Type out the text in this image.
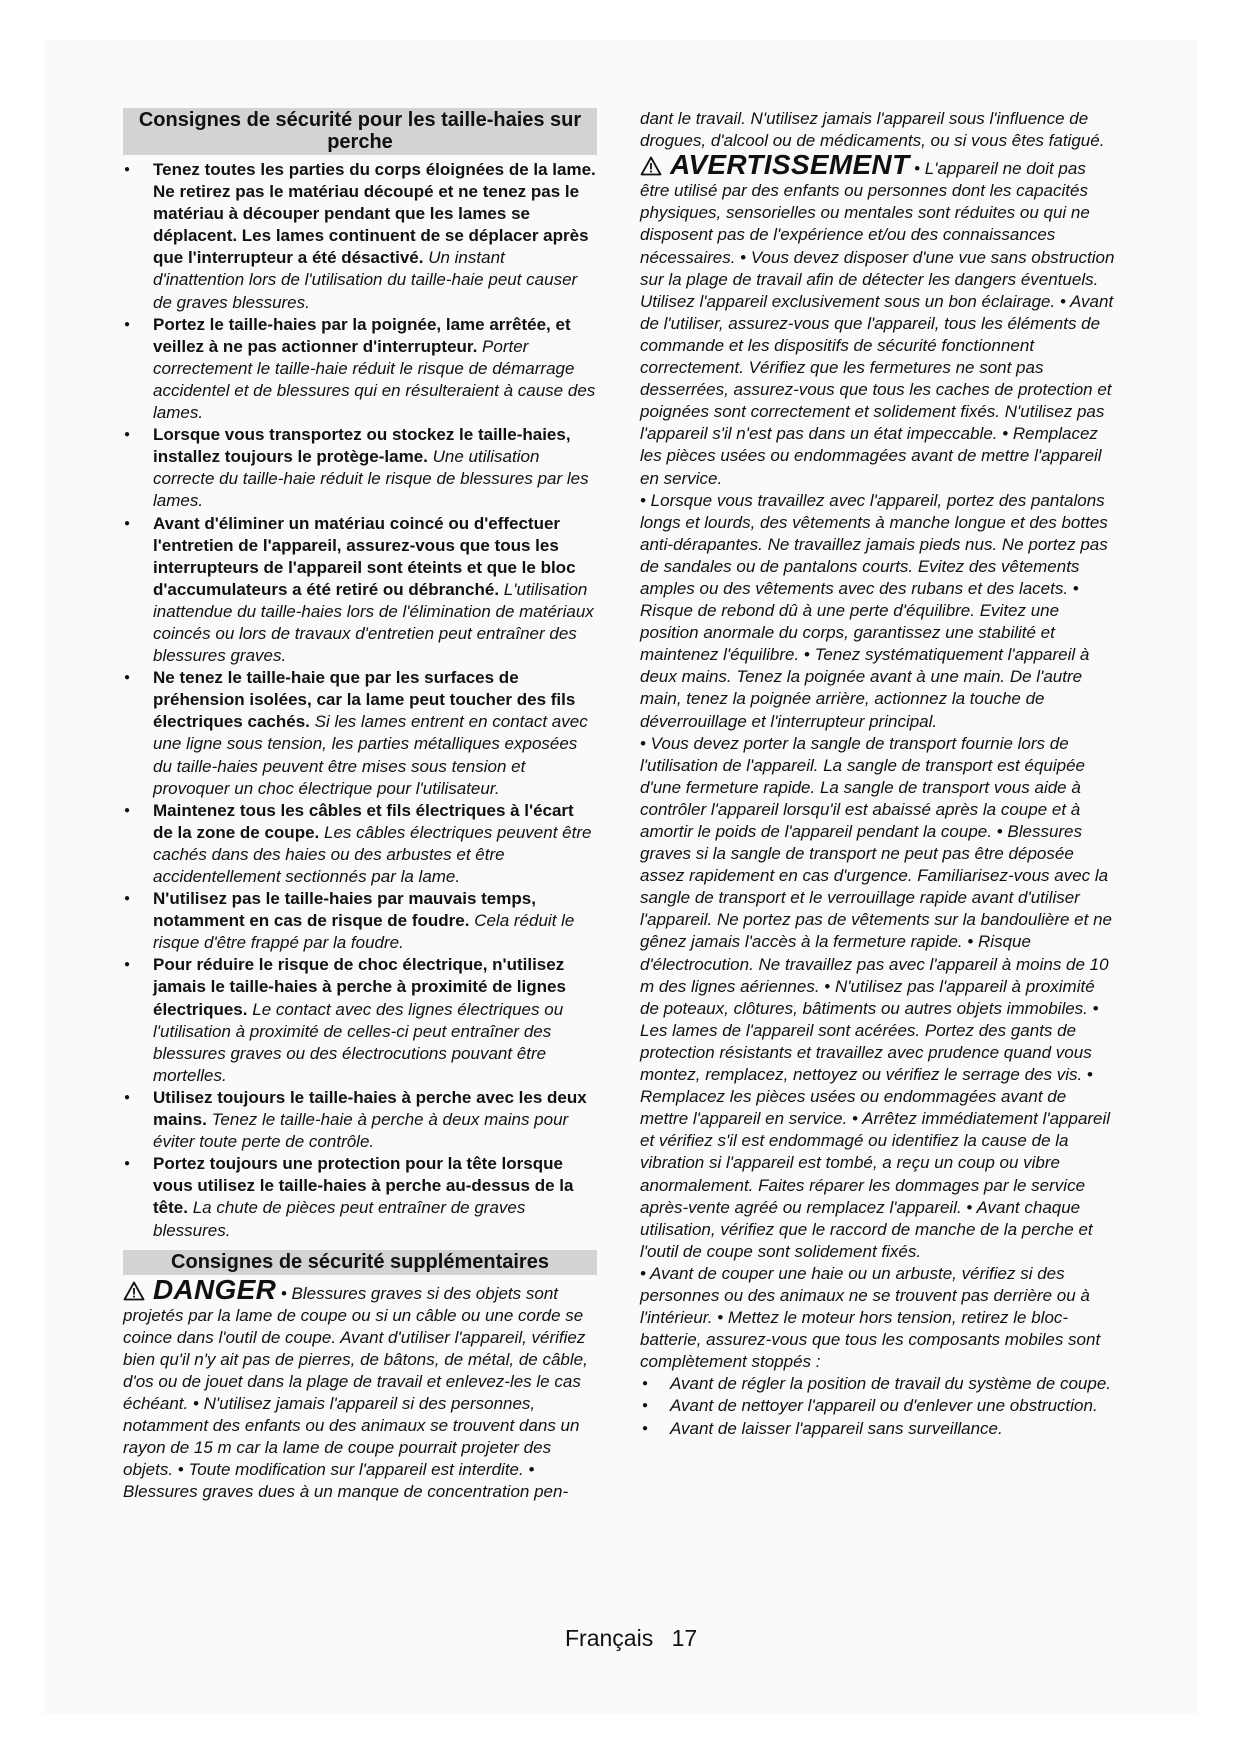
Consignes de sécurité pour les taille-haies sur perche
● Tenez toutes les parties du corps éloignées de la lame. Ne retirez pas le matériau découpé et ne tenez pas le matériau à découper pendant que les lames se déplacent. Les lames continuent de se déplacer après que l'interrupteur a été désactivé. Un instant d'inattention lors de l'utilisation du taille-haie peut causer de graves blessures.
● Portez le taille-haies par la poignée, lame arrêtée, et veillez à ne pas actionner d'interrupteur. Porter correctement le taille-haie réduit le risque de démarrage accidentel et de blessures qui en résulteraient à cause des lames.
● Lorsque vous transportez ou stockez le taille-haies, installez toujours le protège-lame. Une utilisation correcte du taille-haie réduit le risque de blessures par les lames.
● Avant d'éliminer un matériau coincé ou d'effectuer l'entretien de l'appareil, assurez-vous que tous les interrupteurs de l'appareil sont éteints et que le bloc d'accumulateurs a été retiré ou débranché. L'utilisation inattendue du taille-haies lors de l'élimination de matériaux coincés ou lors de travaux d'entretien peut entraîner des blessures graves.
● Ne tenez le taille-haie que par les surfaces de préhension isolées, car la lame peut toucher des fils électriques cachés. Si les lames entrent en contact avec une ligne sous tension, les parties métalliques exposées du taille-haies peuvent être mises sous tension et provoquer un choc électrique pour l'utilisateur.
● Maintenez tous les câbles et fils électriques à l'écart de la zone de coupe. Les câbles électriques peuvent être cachés dans des haies ou des arbustes et être accidentellement sectionnés par la lame.
● N'utilisez pas le taille-haies par mauvais temps, notamment en cas de risque de foudre. Cela réduit le risque d'être frappé par la foudre.
● Pour réduire le risque de choc électrique, n'utilisez jamais le taille-haies à perche à proximité de lignes électriques. Le contact avec des lignes électriques ou l'utilisation à proximité de celles-ci peut entraîner des blessures graves ou des électrocutions pouvant être mortelles.
● Utilisez toujours le taille-haies à perche avec les deux mains. Tenez le taille-haie à perche à deux mains pour éviter toute perte de contrôle.
● Portez toujours une protection pour la tête lorsque vous utilisez le taille-haies à perche au-dessus de la tête. La chute de pièces peut entraîner de graves blessures.
Consignes de sécurité supplémentaires

DANGER • Blessures graves si des objets sont projetés par la lame de coupe ou si un câble ou une corde se coince dans l'outil de coupe. Avant d'utiliser l'appareil, vérifiez bien qu'il n'y ait pas de pierres, de bâtons, de métal, de câble, d'os ou de jouet dans la plage de travail et enlevez-les le cas échéant. • N'utilisez jamais l'appareil si des personnes, notamment des enfants ou des animaux se trouvent dans un rayon de 15 m car la lame de coupe pourrait projeter des objets. • Toute modification sur l'appareil est interdite. • Blessures graves dues à un manque de concentration pen-

dant le travail. N'utilisez jamais l'appareil sous l'influence de drogues, d'alcool ou de médicaments, ou si vous êtes fatigué.

AVERTISSEMENT • L'appareil ne doit pas être utilisé par des enfants ou personnes dont les capacités physiques, sensorielles ou mentales sont réduites ou qui ne disposent pas de l'expérience et/ou des connaissances nécessaires. • Vous devez disposer d'une vue sans obstruction sur la plage de travail afin de détecter les dangers éventuels. Utilisez l'appareil exclusivement sous un bon éclairage. • Avant de l'utiliser, assurez-vous que l'appareil, tous les éléments de commande et les dispositifs de sécurité fonctionnent correctement. Vérifiez que les fermetures ne sont pas desserrées, assurez-vous que tous les caches de protection et poignées sont correctement et solidement fixés. N'utilisez pas l'appareil s'il n'est pas dans un état impeccable. • Remplacez les pièces usées ou endommagées avant de mettre l'appareil en service.

• Lorsque vous travaillez avec l'appareil, portez des pantalons longs et lourds, des vêtements à manche longue et des bottes anti-dérapantes. Ne travaillez jamais pieds nus. Ne portez pas de sandales ou de pantalons courts. Evitez des vêtements amples ou des vêtements avec des rubans et des lacets. • Risque de rebond dû à une perte d'équilibre. Evitez une position anormale du corps, garantissez une stabilité et maintenez l'équilibre. • Tenez systématiquement l'appareil à deux mains. Tenez la poignée avant à une main. De l'autre main, tenez la poignée arrière, actionnez la touche de déverrouillage et l'interrupteur principal.

• Vous devez porter la sangle de transport fournie lors de l'utilisation de l'appareil. La sangle de transport est équipée d'une fermeture rapide. La sangle de transport vous aide à contrôler l'appareil lorsqu'il est abaissé après la coupe et à amortir le poids de l'appareil pendant la coupe. • Blessures graves si la sangle de transport ne peut pas être déposée assez rapidement en cas d'urgence. Familiarisez-vous avec la sangle de transport et le verrouillage rapide avant d'utiliser l'appareil. Ne portez pas de vêtements sur la bandoulière et ne gênez jamais l'accès à la fermeture rapide. • Risque d'électrocution. Ne travaillez pas avec l'appareil à moins de 10 m des lignes aériennes. • N'utilisez pas l'appareil à proximité de poteaux, clôtures, bâtiments ou autres objets immobiles. • Les lames de l'appareil sont acérées. Portez des gants de protection résistants et travaillez avec prudence quand vous montez, remplacez, nettoyez ou vérifiez le serrage des vis. • Remplacez les pièces usées ou endommagées avant de mettre l'appareil en service. • Arrêtez immédiatement l'appareil et vérifiez s'il est endommagé ou identifiez la cause de la vibration si l'appareil est tombé, a reçu un coup ou vibre anormalement. Faites réparer les dommages par le service après-vente agréé ou remplacez l'appareil. • Avant chaque utilisation, vérifiez que le raccord de manche de la perche et l'outil de coupe sont solidement fixés.

• Avant de couper une haie ou un arbuste, vérifiez si des personnes ou des animaux ne se trouvent pas derrière ou à l'intérieur. • Mettez le moteur hors tension, retirez le bloc-batterie, assurez-vous que tous les composants mobiles sont complètement stoppés :

● Avant de régler la position de travail du système de coupe.
● Avant de nettoyer l'appareil ou d'enlever une obstruction.
● Avant de laisser l'appareil sans surveillance.
Français 17
